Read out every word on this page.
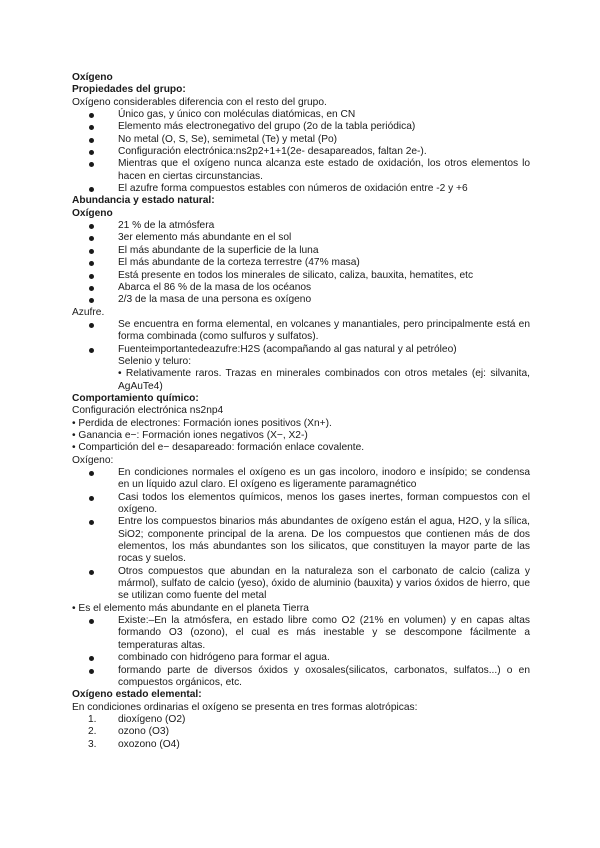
Oxígeno

Propiedades del grupo:

Oxígeno considerables diferencia con el resto del grupo.

Único gas, y único con moléculas diatómicas, en CN
Elemento más electronegativo del grupo (2o de la tabla periódica)
No metal (O, S, Se), semimetal (Te) y metal (Po)
Configuración electrónica:ns2p2+1+1(2e- desapareados, faltan 2e-).
Mientras que el oxígeno nunca alcanza este estado de oxidación, los otros elementos lo hacen en ciertas circunstancias.
El azufre forma compuestos estables con números de oxidación entre -2 y +6

Abundancia y estado natural:

Oxígeno

21 % de la atmósfera
3er elemento más abundante en el sol
El más abundante de la superficie de la luna
El más abundante de la corteza terrestre (47% masa)
Está presente en todos los minerales de silicato, caliza, bauxita, hematites, etc
Abarca el 86 % de la masa de los océanos
2/3 de la masa de una persona es oxígeno

Azufre.

Se encuentra en forma elemental, en volcanes y manantiales, pero principalmente está en forma combinada (como sulfuros y sulfatos).
Fuenteimportantedeazufre:H2S (acompañando al gas natural y al petróleo)

Selenio y teluro:

• Relativamente raros. Trazas en minerales combinados con otros metales (ej: silvanita, AgAuTe4)

Comportamiento químico:

Configuración electrónica ns2np4

• Perdida de electrones: Formación iones positivos (Xn+).

• Ganancia e−: Formación iones negativos (X−, X2-)

• Compartición del e− desapareado: formación enlace covalente.

Oxígeno:

En condiciones normales el oxígeno es un gas incoloro, inodoro e insípido; se condensa en un líquido azul claro. El oxígeno es ligeramente paramagnético
Casi todos los elementos químicos, menos los gases inertes, forman compuestos con el oxígeno.
Entre los compuestos binarios más abundantes de oxígeno están el agua, H2O, y la sílica, SiO2; componente principal de la arena. De los compuestos que contienen más de dos elementos, los más abundantes son los silicatos, que constituyen la mayor parte de las rocas y suelos.
Otros compuestos que abundan en la naturaleza son el carbonato de calcio (caliza y mármol), sulfato de calcio (yeso), óxido de aluminio (bauxita) y varios óxidos de hierro, que se utilizan como fuente del metal

• Es el elemento más abundante en el planeta Tierra

Existe:–En la atmósfera, en estado libre como O2 (21% en volumen) y en capas altas formando O3 (ozono), el cual es más inestable y se descompone fácilmente a temperaturas altas.
combinado con hidrógeno para formar el agua.
formando parte de diversos óxidos y oxosales(silicatos, carbonatos, sulfatos...) o en compuestos orgánicos, etc.

Oxígeno estado elemental:

En condiciones ordinarias el oxígeno se presenta en tres formas alotrópicas:

1. dioxígeno (O2)
2. ozono (O3)
3. oxozono (O4)
